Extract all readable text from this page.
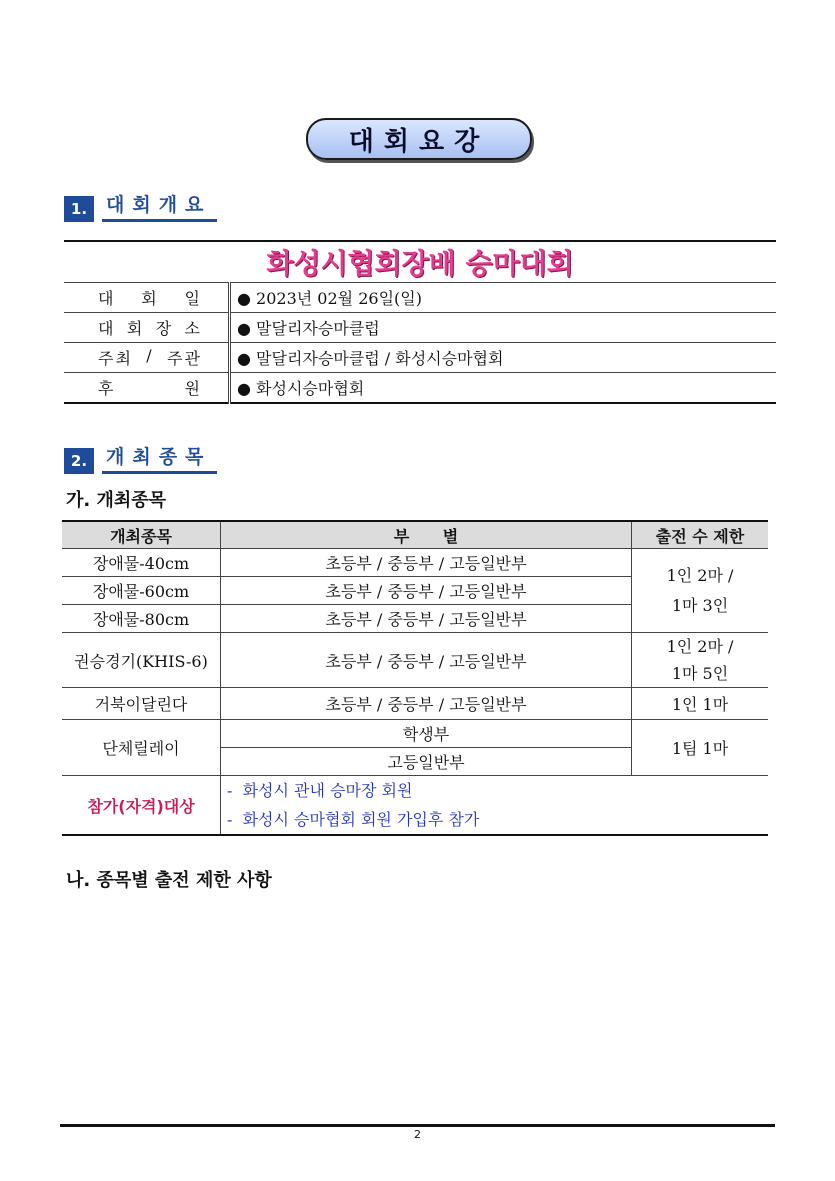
대회요강
1. 대회개요
화성시협회장배 승마대회	

대 회 일	● 2023년 02월 26일(일)

대 회 장 소	● 말달리자승마클럽

주최 / 주관	● 말달리자승마클럽 / 화성시승마협회

후 원	● 화성시승마협회
2. 개최종목
가. 개최종목
개최종목	부      별	출전 수 제한
장애물-40cm	초등부 / 중등부 / 고등일반부	1인 2마 /
1마 3인

장애물-60cm	초등부 / 중등부 / 고등일반부	
장애물-80cm	초등부 / 중등부 / 고등일반부	
권승경기(KHIS-6)	초등부 / 중등부 / 고등일반부	1인 2마 /
1마 5인

거북이달린다	초등부 / 중등부 / 고등일반부	1인 1마
단체릴레이	학생부	1팀 1마
	고등일반부	
참가(자격)대상	-  화성시 관내 승마장 회원
-  화성시 승마협회 회원 가입후 참가	
나. 종목별 출전 제한 사항
2
